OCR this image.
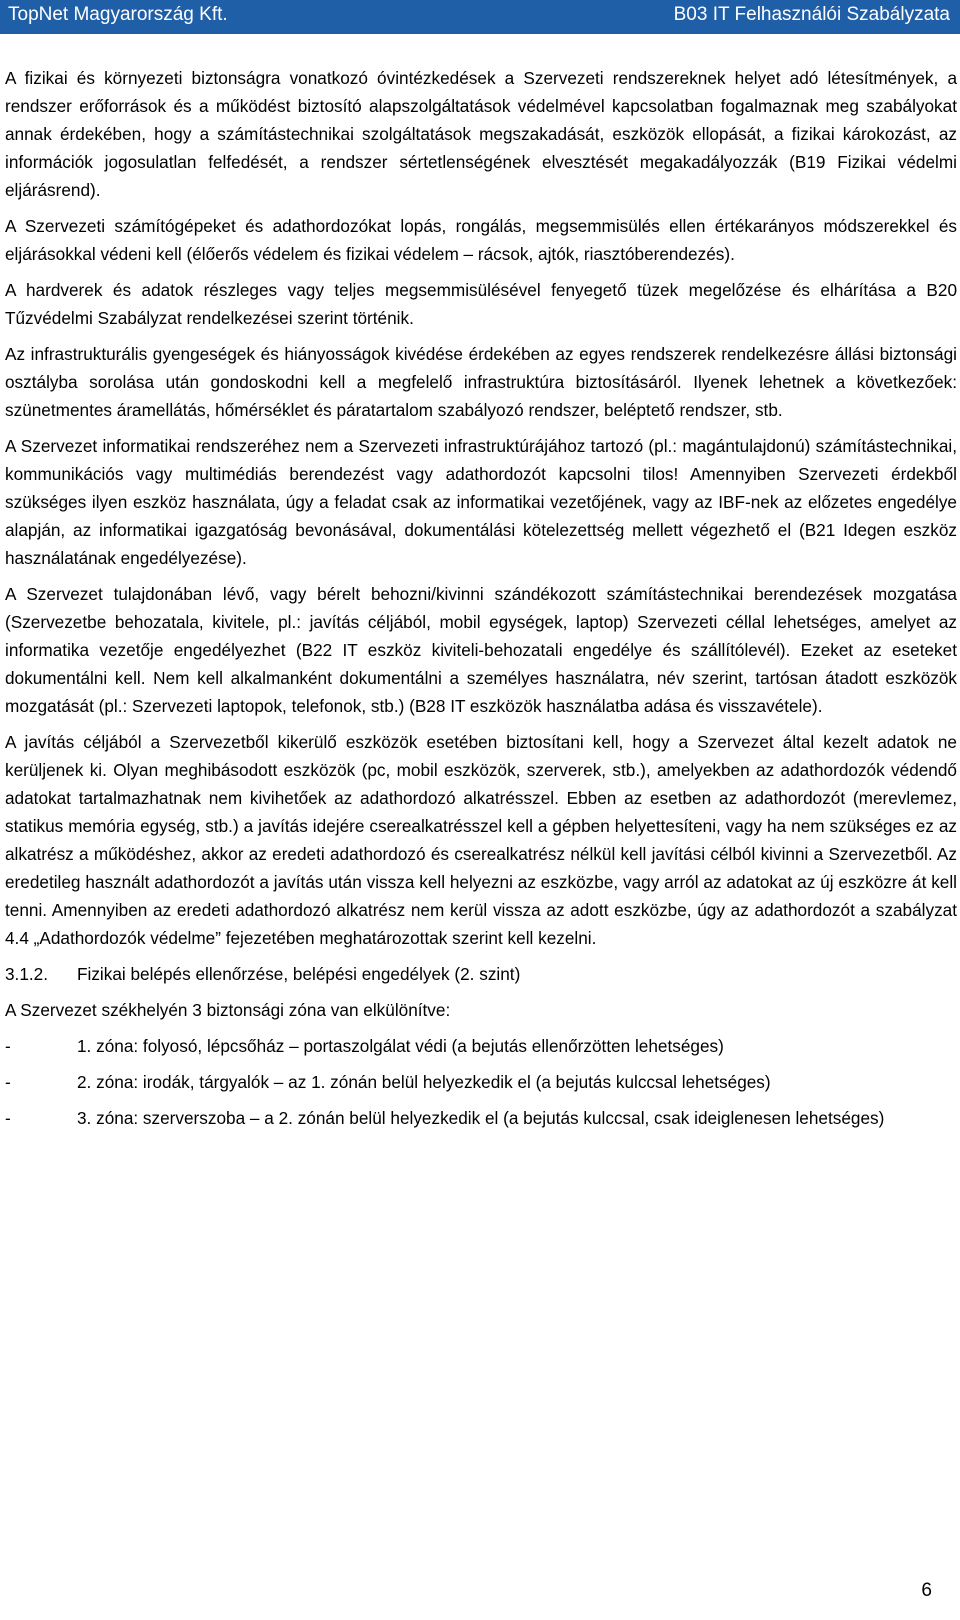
TopNet Magyarország Kft.	B03 IT Felhasználói Szabályzata

A fizikai és környezeti biztonságra vonatkozó óvintézkedések a Szervezeti rendszereknek helyet adó létesítmények, a rendszer erőforrások és a működést biztosító alapszolgáltatások védelmével kapcsolatban fogalmaznak meg szabályokat annak érdekében, hogy a számítástechnikai szolgáltatások megszakadását, eszközök ellopását, a fizikai károkozást, az információk jogosulatlan felfedését, a rendszer sértetlenségének elvesztését megakadályozzák (B19 Fizikai védelmi eljárásrend).

A Szervezeti számítógépeket és adathordozókat lopás, rongálás, megsemmisülés ellen értékarányos módszerekkel és eljárásokkal védeni kell (élőerős védelem és fizikai védelem – rácsok, ajtók, riasztóberendezés).

A hardverek és adatok részleges vagy teljes megsemmisülésével fenyegető tüzek megelőzése és elhárítása a B20 Tűzvédelmi Szabályzat rendelkezései szerint történik.

Az infrastrukturális gyengeségek és hiányosságok kivédése érdekében az egyes rendszerek rendelkezésre állási biztonsági osztályba sorolása után gondoskodni kell a megfelelő infrastruktúra biztosításáról. Ilyenek lehetnek a következőek: szünetmentes áramellátás, hőmérséklet és páratartalom szabályozó rendszer, beléptető rendszer, stb.

A Szervezet informatikai rendszeréhez nem a Szervezeti infrastruktúrájához tartozó (pl.: magántulajdonú) számítástechnikai, kommunikációs vagy multimédiás berendezést vagy adathordozót kapcsolni tilos! Amennyiben Szervezeti érdekből szükséges ilyen eszköz használata, úgy a feladat csak az informatikai vezetőjének, vagy az IBF-nek az előzetes engedélye alapján, az informatikai igazgatóság bevonásával, dokumentálási kötelezettség mellett végezhető el (B21 Idegen eszköz használatának engedélyezése).

A Szervezet tulajdonában lévő, vagy bérelt behozni/kivinni szándékozott számítástechnikai berendezések mozgatása (Szervezetbe behozatala, kivitele, pl.: javítás céljából, mobil egységek, laptop) Szervezeti céllal lehetséges, amelyet az informatika vezetője engedélyezhet (B22 IT eszköz kiviteli-behozatali engedélye és szállítólevél). Ezeket az eseteket dokumentálni kell. Nem kell alkalmanként dokumentálni a személyes használatra, név szerint, tartósan átadott eszközök mozgatását (pl.: Szervezeti laptopok, telefonok, stb.) (B28 IT eszközök használatba adása és visszavétele).

A javítás céljából a Szervezetből kikerülő eszközök esetében biztosítani kell, hogy a Szervezet által kezelt adatok ne kerüljenek ki. Olyan meghibásodott eszközök (pc, mobil eszközök, szerverek, stb.), amelyekben az adathordozók védendő adatokat tartalmazhatnak nem kivihetőek az adathordozó alkatrésszel. Ebben az esetben az adathordozót (merevlemez, statikus memória egység, stb.) a javítás idejére cserealkatrésszel kell a gépben helyettesíteni, vagy ha nem szükséges ez az alkatrész a működéshez, akkor az eredeti adathordozó és cserealkatrész nélkül kell javítási célból kivinni a Szervezetből. Az eredetileg használt adathordozót a javítás után vissza kell helyezni az eszközbe, vagy arról az adatokat az új eszközre át kell tenni. Amennyiben az eredeti adathordozó alkatrész nem kerül vissza az adott eszközbe, úgy az adathordozót a szabályzat 4.4 „Adathordozók védelme” fejezetében meghatározottak szerint kell kezelni.

3.1.2.	Fizikai belépés ellenőrzése, belépési engedélyek (2. szint)

A Szervezet székhelyén 3 biztonsági zóna van elkülönítve:

-	1. zóna: folyosó, lépcsőház – portaszolgálat védi (a bejutás ellenőrzötten lehetséges)
-	2. zóna: irodák, tárgyalók – az 1. zónán belül helyezkedik el (a bejutás kulccsal lehetséges)
-	3. zóna: szerverszoba – a 2. zónán belül helyezkedik el (a bejutás kulccsal, csak ideiglenesen lehetséges)
6
